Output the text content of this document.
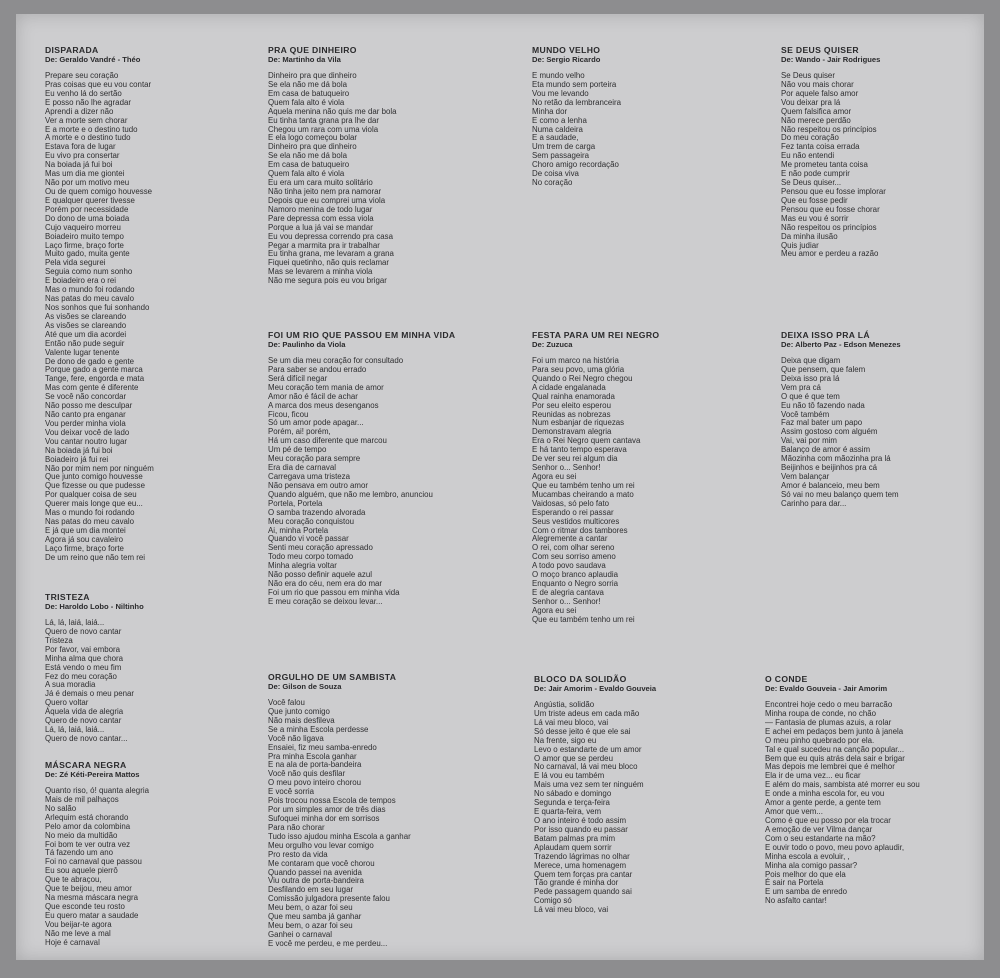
DISPARADA
De: Geraldo Vandré - Théo
Prepare seu coração
Pras coisas que eu vou contar
Eu venho lá do sertão
E posso não lhe agradar
Aprendi a dizer não
Ver a morte sem chorar
E a morte e o destino tudo
A morte e o destino tudo
Estava fora de lugar
Eu vivo pra consertar
Na boiada já fui boi
Mas um dia me giontei
Não por um motivo meu
Ou de quem comigo houvesse
E qualquer querer tivesse
Porém por necessidade
Do dono de uma boiada
Cujo vaqueiro morreu
Boiadeiro muito tempo
Laço firme, braço forte
Muito gado, muita gente
Pela vida segurei
Seguia como num sonho
E boiadeiro era o rei
Mas o mundo foi rodando
Nas patas do meu cavalo
Nos sonhos que fui sonhando
As visões se clareando
As visões se clareando
Até que um dia acordei
Então não pude seguir
Valente lugar tenente
De dono de gado e gente
Porque gado a gente marca
Tange, fere, engorda e mata
Mas com gente é diferente
Se você não concordar
Não posso me desculpar
Não canto pra enganar
Vou perder minha viola
Vou deixar você de lado
Vou cantar noutro lugar
Na boiada já fui boi
Boiadeiro já fui rei
Não por mim nem por ninguém
Que junto comigo houvesse
Que fizesse ou que pudesse
Por qualquer coisa de seu
Querer mais longe que eu...
Mas o mundo foi rodando
Nas patas do meu cavalo
E já que um dia montei
Agora já sou cavaleiro
Laço firme, braço forte
De um reino que não tem rei
TRISTEZA
De: Haroldo Lobo - Niltinho
Lá, lá, laiá, laiá...
Quero de novo cantar
Tristeza
Por favor, vai embora
Minha alma que chora
Está vendo o meu fim
Fez do meu coração
A sua moradia
Já é demais o meu penar
Quero voltar
Àquela vida de alegria
Quero de novo cantar
Lá, lá, laiá, laiá...
Quero de novo cantar...
MÁSCARA NEGRA
De: Zé Kéti-Pereira Mattos
Quanto riso, ó! quanta alegria
Mais de mil palhaços
No salão
Arlequim está chorando
Pelo amor da colombina
No meio da multidão
Foi bom te ver outra vez
Tá fazendo um ano
Foi no carnaval que passou
Eu sou aquele pierrô
Que te abraçou,
Que te beijou, meu amor
Na mesma máscara negra
Que esconde teu rosto
Eu quero matar a saudade
Vou beijar-te agora
Não me leve a mal
Hoje é carnaval
PRA QUE DINHEIRO
De: Martinho da Vila
Dinheiro pra que dinheiro
Se ela não me dá bola
Em casa de batuqueiro
Quem fala alto é viola
Aquela menina não quis me dar bola
Eu tinha tanta grana pra lhe dar
Chegou um rara com uma viola
E ela logo começou bolar
Dinheiro pra que dinheiro
Se ela não me dá bola
Em casa de batuqueiro
Quem fala alto é viola
Eu era um cara muito solitário
Não tinha jeito nem pra namorar
Depois que eu comprei uma viola
Namoro menina de todo lugar
Pare depressa com essa viola
Porque a lua já vai se mandar
Eu vou depressa correndo pra casa
Pegar a marmita pra ir trabalhar
Eu tinha grana, me levaram a grana
Fiquei quetinho, não quis reclamar
Mas se levarem a minha viola
Não me segura pois eu vou brigar
FOI UM RIO QUE PASSOU EM MINHA VIDA
De: Paulinho da Viola
Se um dia meu coração for consultado
Para saber se andou errado
Será difícil negar
Meu coração tem mania de amor
Amor não é fácil de achar
A marca dos meus desenganos
Ficou, ficou
Só um amor pode apagar...
Porém, ai! porém,
Há um caso diferente que marcou
Um pé de tempo
Meu coração para sempre
Era dia de carnaval
Carregava uma tristeza
Não pensava em outro amor
Quando alguém, que não me lembro, anunciou
Portela, Portela
O samba trazendo alvorada
Meu coração conquistou
Ai, minha Portela
Quando vi você passar
Senti meu coração apressado
Todo meu corpo tomado
Minha alegria voltar
Não posso definir aquele azul
Não era do céu, nem era do mar
Foi um rio que passou em minha vida
E meu coração se deixou levar...
ORGULHO DE UM SAMBISTA
De: Gilson de Souza
Você falou
Que junto comigo
Não mais desfileva
Se a minha Escola perdesse
Você não ligava
Ensaiei, fiz meu samba-enredo
Pra minha Escola ganhar
E na ala de porta-bandeira
Você não quis desfilar
O meu povo inteiro chorou
E você sorria
Pois trocou nossa Escola de tempos
Por um simples amor de três dias
Sufoquei minha dor em sorrisos
Para não chorar
Tudo isso ajudou minha Escola a ganhar
Meu orgulho vou levar comigo
Pro resto da vida
Me contaram que você chorou
Quando passei na avenida
Viu outra de porta-bandeira
Desfilando em seu lugar
Comissão julgadora presente falou
Meu bem, o azar foi seu
Que meu samba já ganhar
Meu bem, o azar foi seu
Ganhei o carnaval
E você me perdeu, e me perdeu...
MUNDO VELHO
De: Sergio Ricardo
E mundo velho
Eta mundo sem porteira
Vou me levando
No retão da lembranceira
Minha dor
E como a lenha
Numa caldeira
E a saudade,
Um trem de carga
Sem passageira
Choro amigo recordação
De coisa viva
No coração
FESTA PARA UM REI NEGRO
De: Zuzuca
Foi um marco na história
Para seu povo, uma glória
Quando o Rei Negro chegou
A cidade engalanada
Qual rainha enamorada
Por seu eleito esperou
Reunidas as nobrezas
Num esbanjar de riquezas
Demonstravam alegria
Era o Rei Negro quem cantava
E há tanto tempo esperava
De ver seu rei algum dia
Senhor o... Senhor!
Agora eu sei
Que eu também tenho um rei
Mucambas cheirando a mato
Vaidosas, só pelo fato
Esperando o rei passar
Seus vestidos multicores
Com o ritmar dos tambores
Alegremente a cantar
O rei, com olhar sereno
Com seu sorriso ameno
A todo povo saudava
O moço branco aplaudia
Enquanto o Negro sorria
E de alegria cantava
Senhor o... Senhor!
Agora eu sei
Que eu também tenho um rei
BLOCO DA SOLIDÃO
De: Jair Amorim - Evaldo Gouveia
Angústia, solidão
Um triste adeus em cada mão
Lá vai meu bloco, vai
Só desse jeito é que ele sai
Na frente, sigo eu
Levo o estandarte de um amor
O amor que se perdeu
No carnaval, lá vai meu bloco
E lá vou eu também
Mais uma vez sem ter ninguém
No sábado e domingo
Segunda e terça-feira
E quarta-feira, vem
O ano inteiro é todo assim
Por isso quando eu passar
Batam palmas pra mim
Aplaudam quem sorrir
Trazendo lágrimas no olhar
Merece, uma homenagem
Quem tem forças pra cantar
Tão grande é minha dor
Pede passagem quando sai
Comigo só
Lá vai meu bloco, vai
SE DEUS QUISER
De: Wando - Jair Rodrigues
Se Deus quiser
Não vou mais chorar
Por aquele falso amor
Vou deixar pra lá
Quem falsifica amor
Não merece perdão
Não respeitou os princípios
Do meu coração
Fez tanta coisa errada
Eu não entendi
Me prometeu tanta coisa
E não pode cumprir
Se Deus quiser...
Pensou que eu fosse implorar
Que eu fosse pedir
Pensou que eu fosse chorar
Mas eu vou é sorrir
Não respeitou os princípios
Da minha ilusão
Quis judiar
Meu amor e perdeu a razão
DEIXA ISSO PRA LÁ
De: Alberto Paz - Edson Menezes
Deixa que digam
Que pensem, que falem
Deixa isso pra lá
Vem pra cá
O que é que tem
Eu não tô fazendo nada
Você também
Faz mal bater um papo
Assim gostoso com alguém
Vai, vai por mim
Balanço de amor é assim
Mãozinha com mãozinha pra lá
Beijinhos e beijinhos pra cá
Vem balançar
Amor é balanceio, meu bem
Só vai no meu balanço quem tem
Carinho para dar...
O CONDE
De: Evaldo Gouveia - Jair Amorim
Encontrei hoje cedo o meu barracão
Minha roupa de conde, no chão
— Fantasia de plumas azuis, a rolar
E achei em pedaços bem junto à janela
O meu pinho quebrado por ela.
Tal e qual sucedeu na canção popular...
Bem que eu quis atrás dela sair e brigar
Mas depois me lembrei que é melhor
Ela ir de uma vez... eu ficar
E além do mais, sambista até morrer eu sou
E onde a minha escola for, eu vou
Amor a gente perde, a gente tem
Amor que vem...
Como é que eu posso por ela trocar
A emoção de ver Vilma dançar
Com o seu estandarte na mão?
E ouvir todo o povo, meu povo aplaudir,
Minha escola a evoluir, ,
Minha ala comigo passar?
Pois melhor do que ela
É sair na Portela
E um samba de enredo
No asfalto cantar!
